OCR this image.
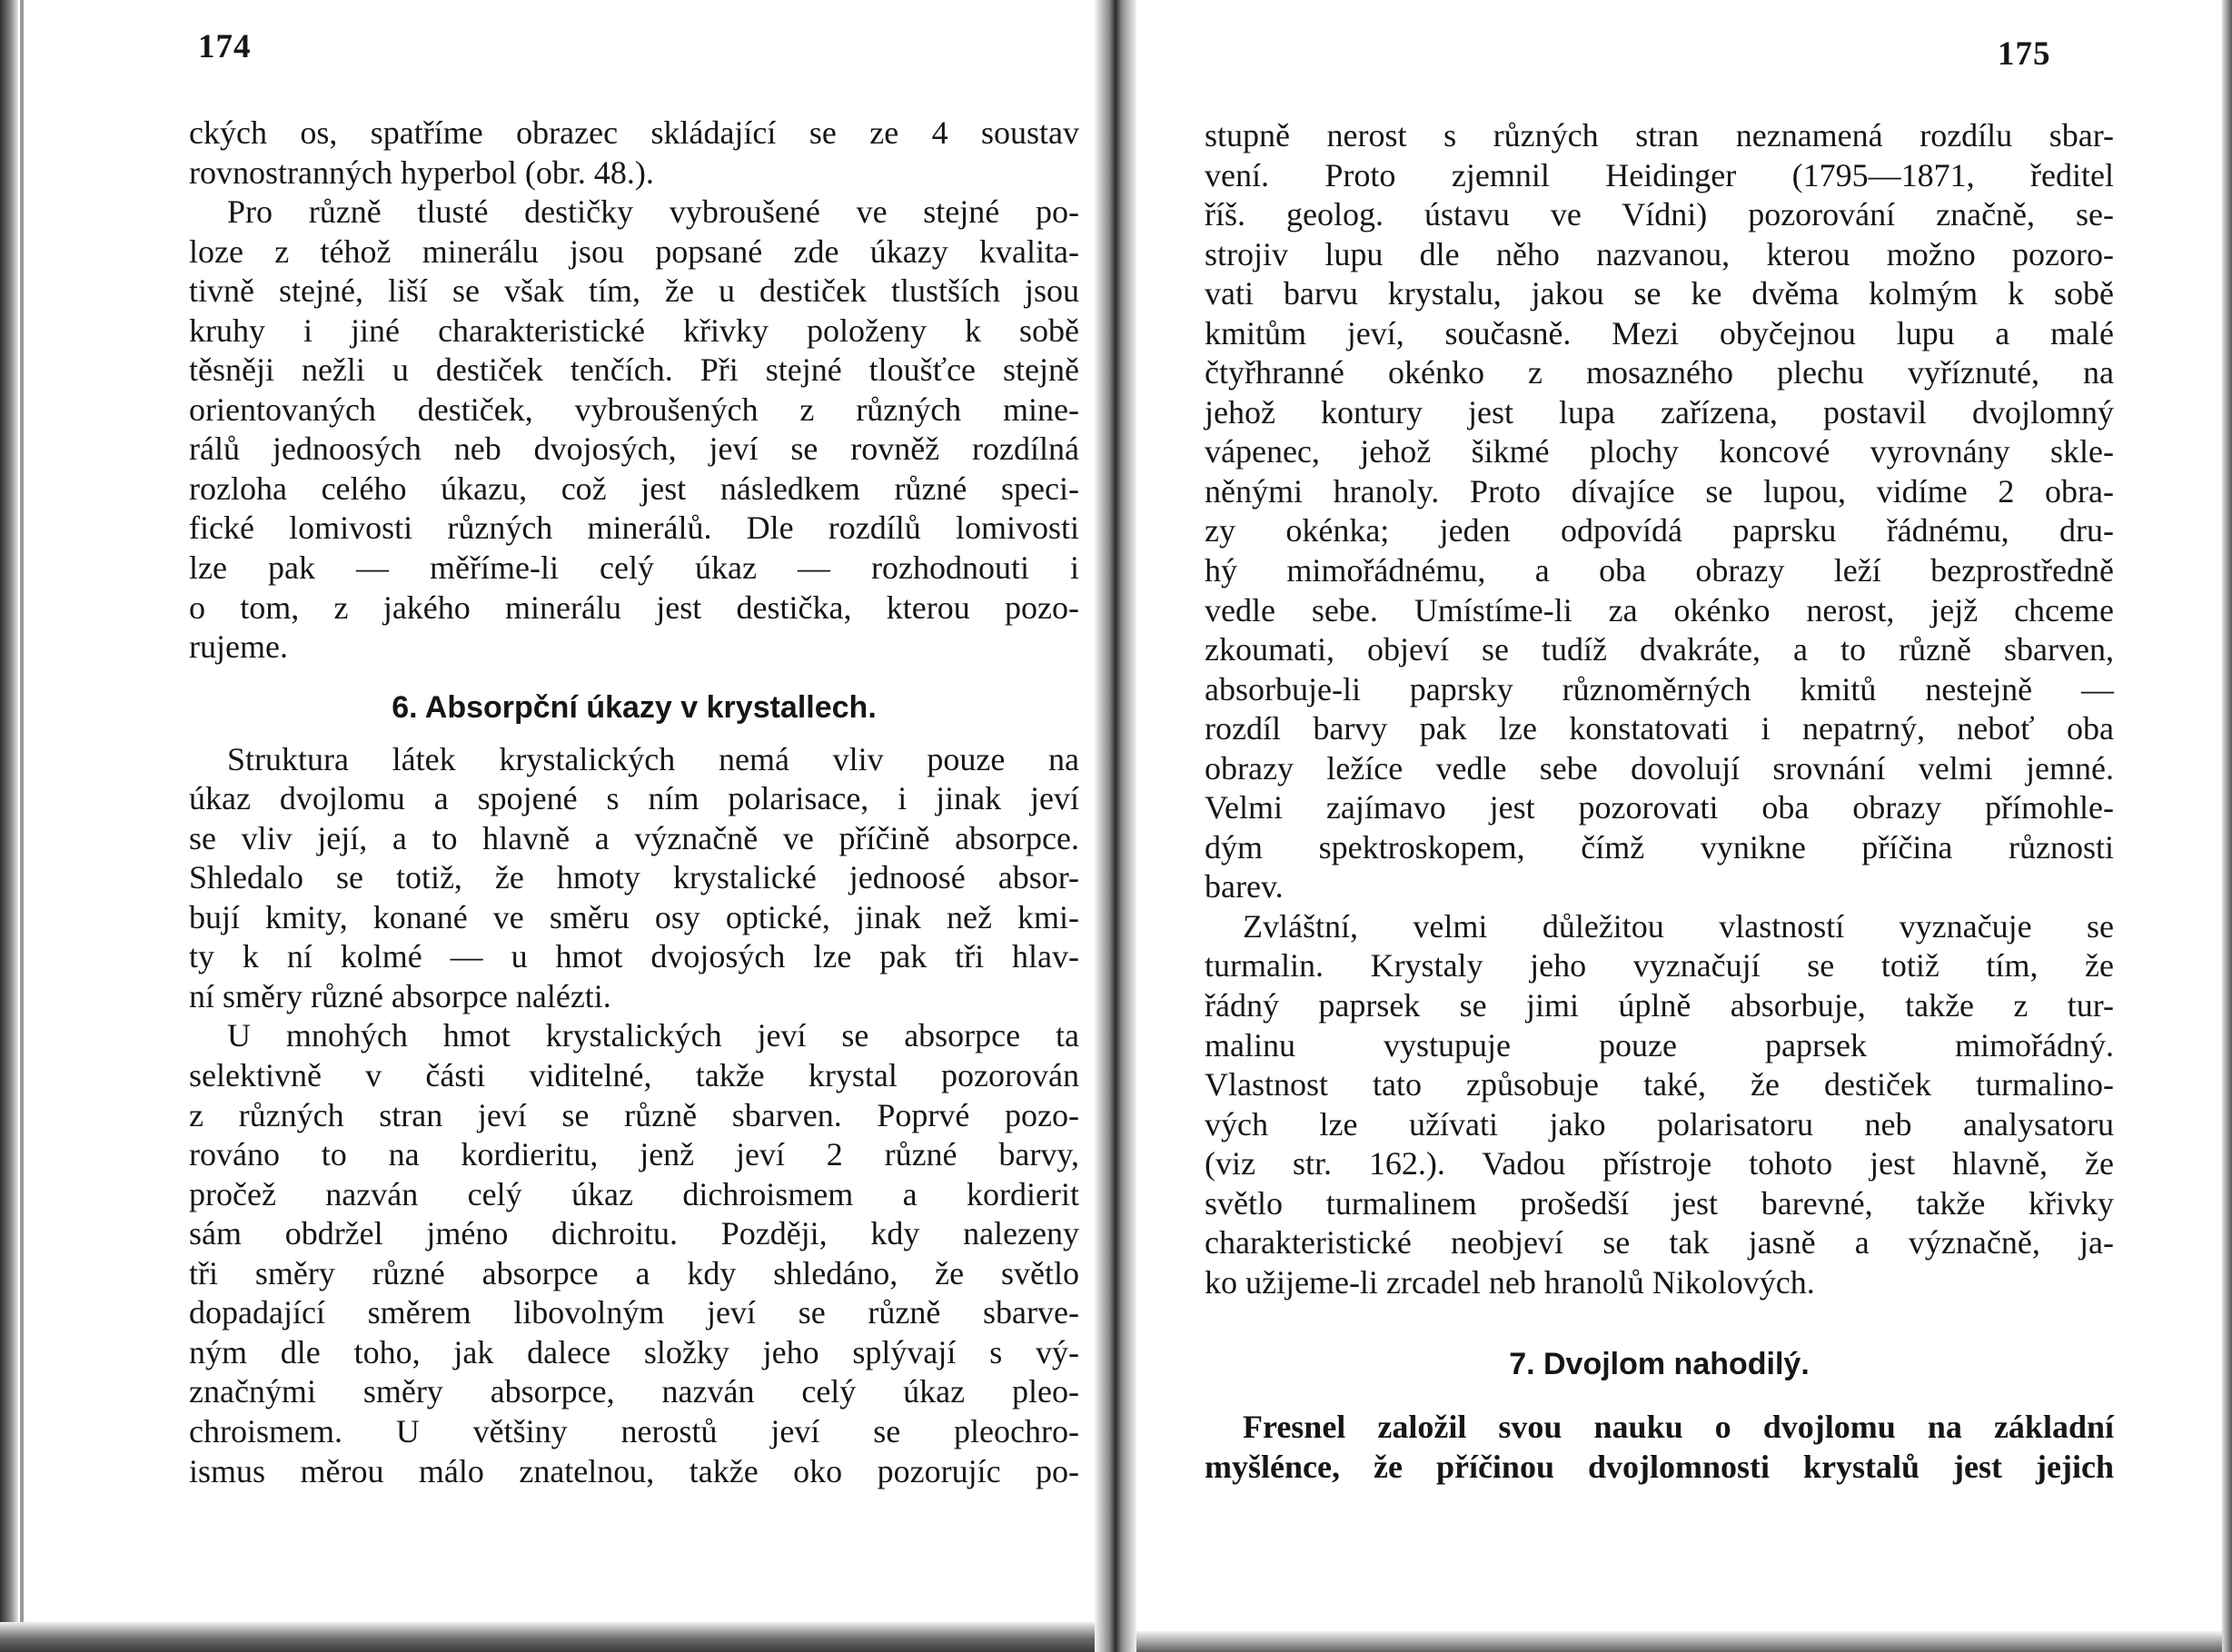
174
ckých os, spatříme obrazec skládající se ze 4 soustav
rovnostranných hyperbol (obr. 48.).
Pro různě tlusté destičky vybroušené ve stejné po-
loze z téhož minerálu jsou popsané zde úkazy kvalita-
tivně stejné, liší se však tím, že u destiček tlustších jsou
kruhy i jiné charakteristické křivky položeny k sobě
těsněji nežli u destiček tenčích. Při stejné tloušťce stejně
orientovaných destiček, vybroušených z různých mine-
rálů jednoosých neb dvojosých, jeví se rovněž rozdílná
rozloha celého úkazu, což jest následkem různé speci-
fické lomivosti různých minerálů. Dle rozdílů lomivosti
lze pak — měříme-li celý úkaz — rozhodnouti i
o tom, z jakého minerálu jest destička, kterou pozo-
rujeme.
6. Absorpční úkazy v krystallech.
Struktura látek krystalických nemá vliv pouze na
úkaz dvojlomu a spojené s ním polarisace, i jinak jeví
se vliv její, a to hlavně a význačně ve příčině absorpce.
Shledalo se totiž, že hmoty krystalické jednoosé absor-
bují kmity, konané ve směru osy optické, jinak než kmi-
ty k ní kolmé — u hmot dvojosých lze pak tři hlav-
ní směry různé absorpce nalézti.
U mnohých hmot krystalických jeví se absorpce ta
selektivně v části viditelné, takže krystal pozorován
z různých stran jeví se různě sbarven. Poprvé pozo-
rováno to na kordieritu, jenž jeví 2 různé barvy,
pročež nazván celý úkaz dichroismem a kordierit
sám obdržel jméno dichroitu. Později, kdy nalezeny
tři směry různé absorpce a kdy shledáno, že světlo
dopadající směrem libovolným jeví se různě sbarve-
ným dle toho, jak dalece složky jeho splývají s vý-
značnými směry absorpce, nazván celý úkaz pleo-
chroismem. U většiny nerostů jeví se pleochro-
ismus měrou málo znatelnou, takže oko pozorujíc po-
175
stupně nerost s různých stran neznamená rozdílu sbar-
vení. Proto zjemnil Heidinger (1795—1871, ředitel
říš. geolog. ústavu ve Vídni) pozorování značně, se-
strojiv lupu dle něho nazvanou, kterou možno pozoro-
vati barvu krystalu, jakou se ke dvěma kolmým k sobě
kmitům jeví, současně. Mezi obyčejnou lupu a malé
čtyřhranné okénko z mosazného plechu vyříznuté, na
jehož kontury jest lupa zařízena, postavil dvojlomný
vápenec, jehož šikmé plochy koncové vyrovnány skle-
něnými hranoly. Proto dívajíce se lupou, vidíme 2 obra-
zy okénka; jeden odpovídá paprsku řádnému, dru-
hý mimořádnému, a oba obrazy leží bezprostředně
vedle sebe. Umístíme-li za okénko nerost, jejž chceme
zkoumati, objeví se tudíž dvakráte, a to různě sbarven,
absorbuje-li paprsky různoměrných kmitů nestejně —
rozdíl barvy pak lze konstatovati i nepatrný, neboť oba
obrazy ležíce vedle sebe dovolují srovnání velmi jemné.
Velmi zajímavo jest pozorovati oba obrazy přímohle-
dým spektroskopem, čímž vynikne příčina různosti
barev.
Zvláštní, velmi důležitou vlastností vyznačuje se
turmalin. Krystaly jeho vyznačují se totiž tím, že
řádný paprsek se jimi úplně absorbuje, takže z tur-
malinu vystupuje pouze paprsek mimořádný.
Vlastnost tato způsobuje také, že destiček turmalino-
vých lze užívati jako polarisatoru neb analysatoru
(viz str. 162.). Vadou přístroje tohoto jest hlavně, že
světlo turmalinem prošedší jest barevné, takže křivky
charakteristické neobjeví se tak jasně a význačně, ja-
ko užijeme-li zrcadel neb hranolů Nikolových.
7. Dvojlom nahodilý.
Fresnel založil svou nauku o dvojlomu na základní
myšlénce, že příčinou dvojlomnosti krystalů jest jejich
